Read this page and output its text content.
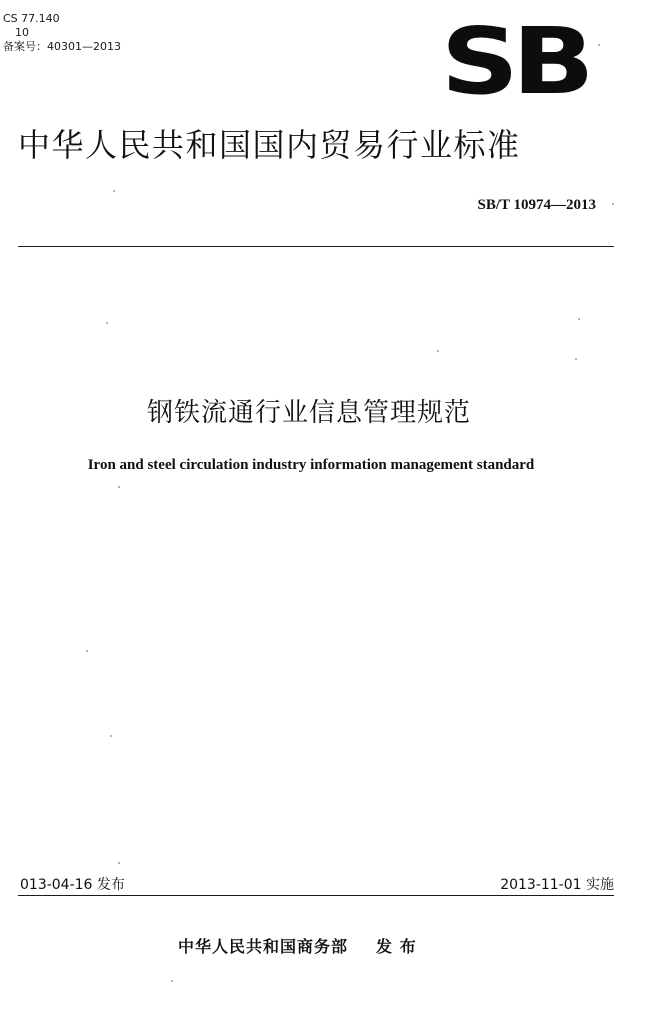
CS 77.140
10
备案号：40301—2013	SB
中华人民共和国国内贸易行业标准
SB/T 10974—2013
钢铁流通行业信息管理规范
Iron and steel circulation industry information management standard
013-04-16 发布	2013-11-01 实施
中华人民共和国商务部 发 布
